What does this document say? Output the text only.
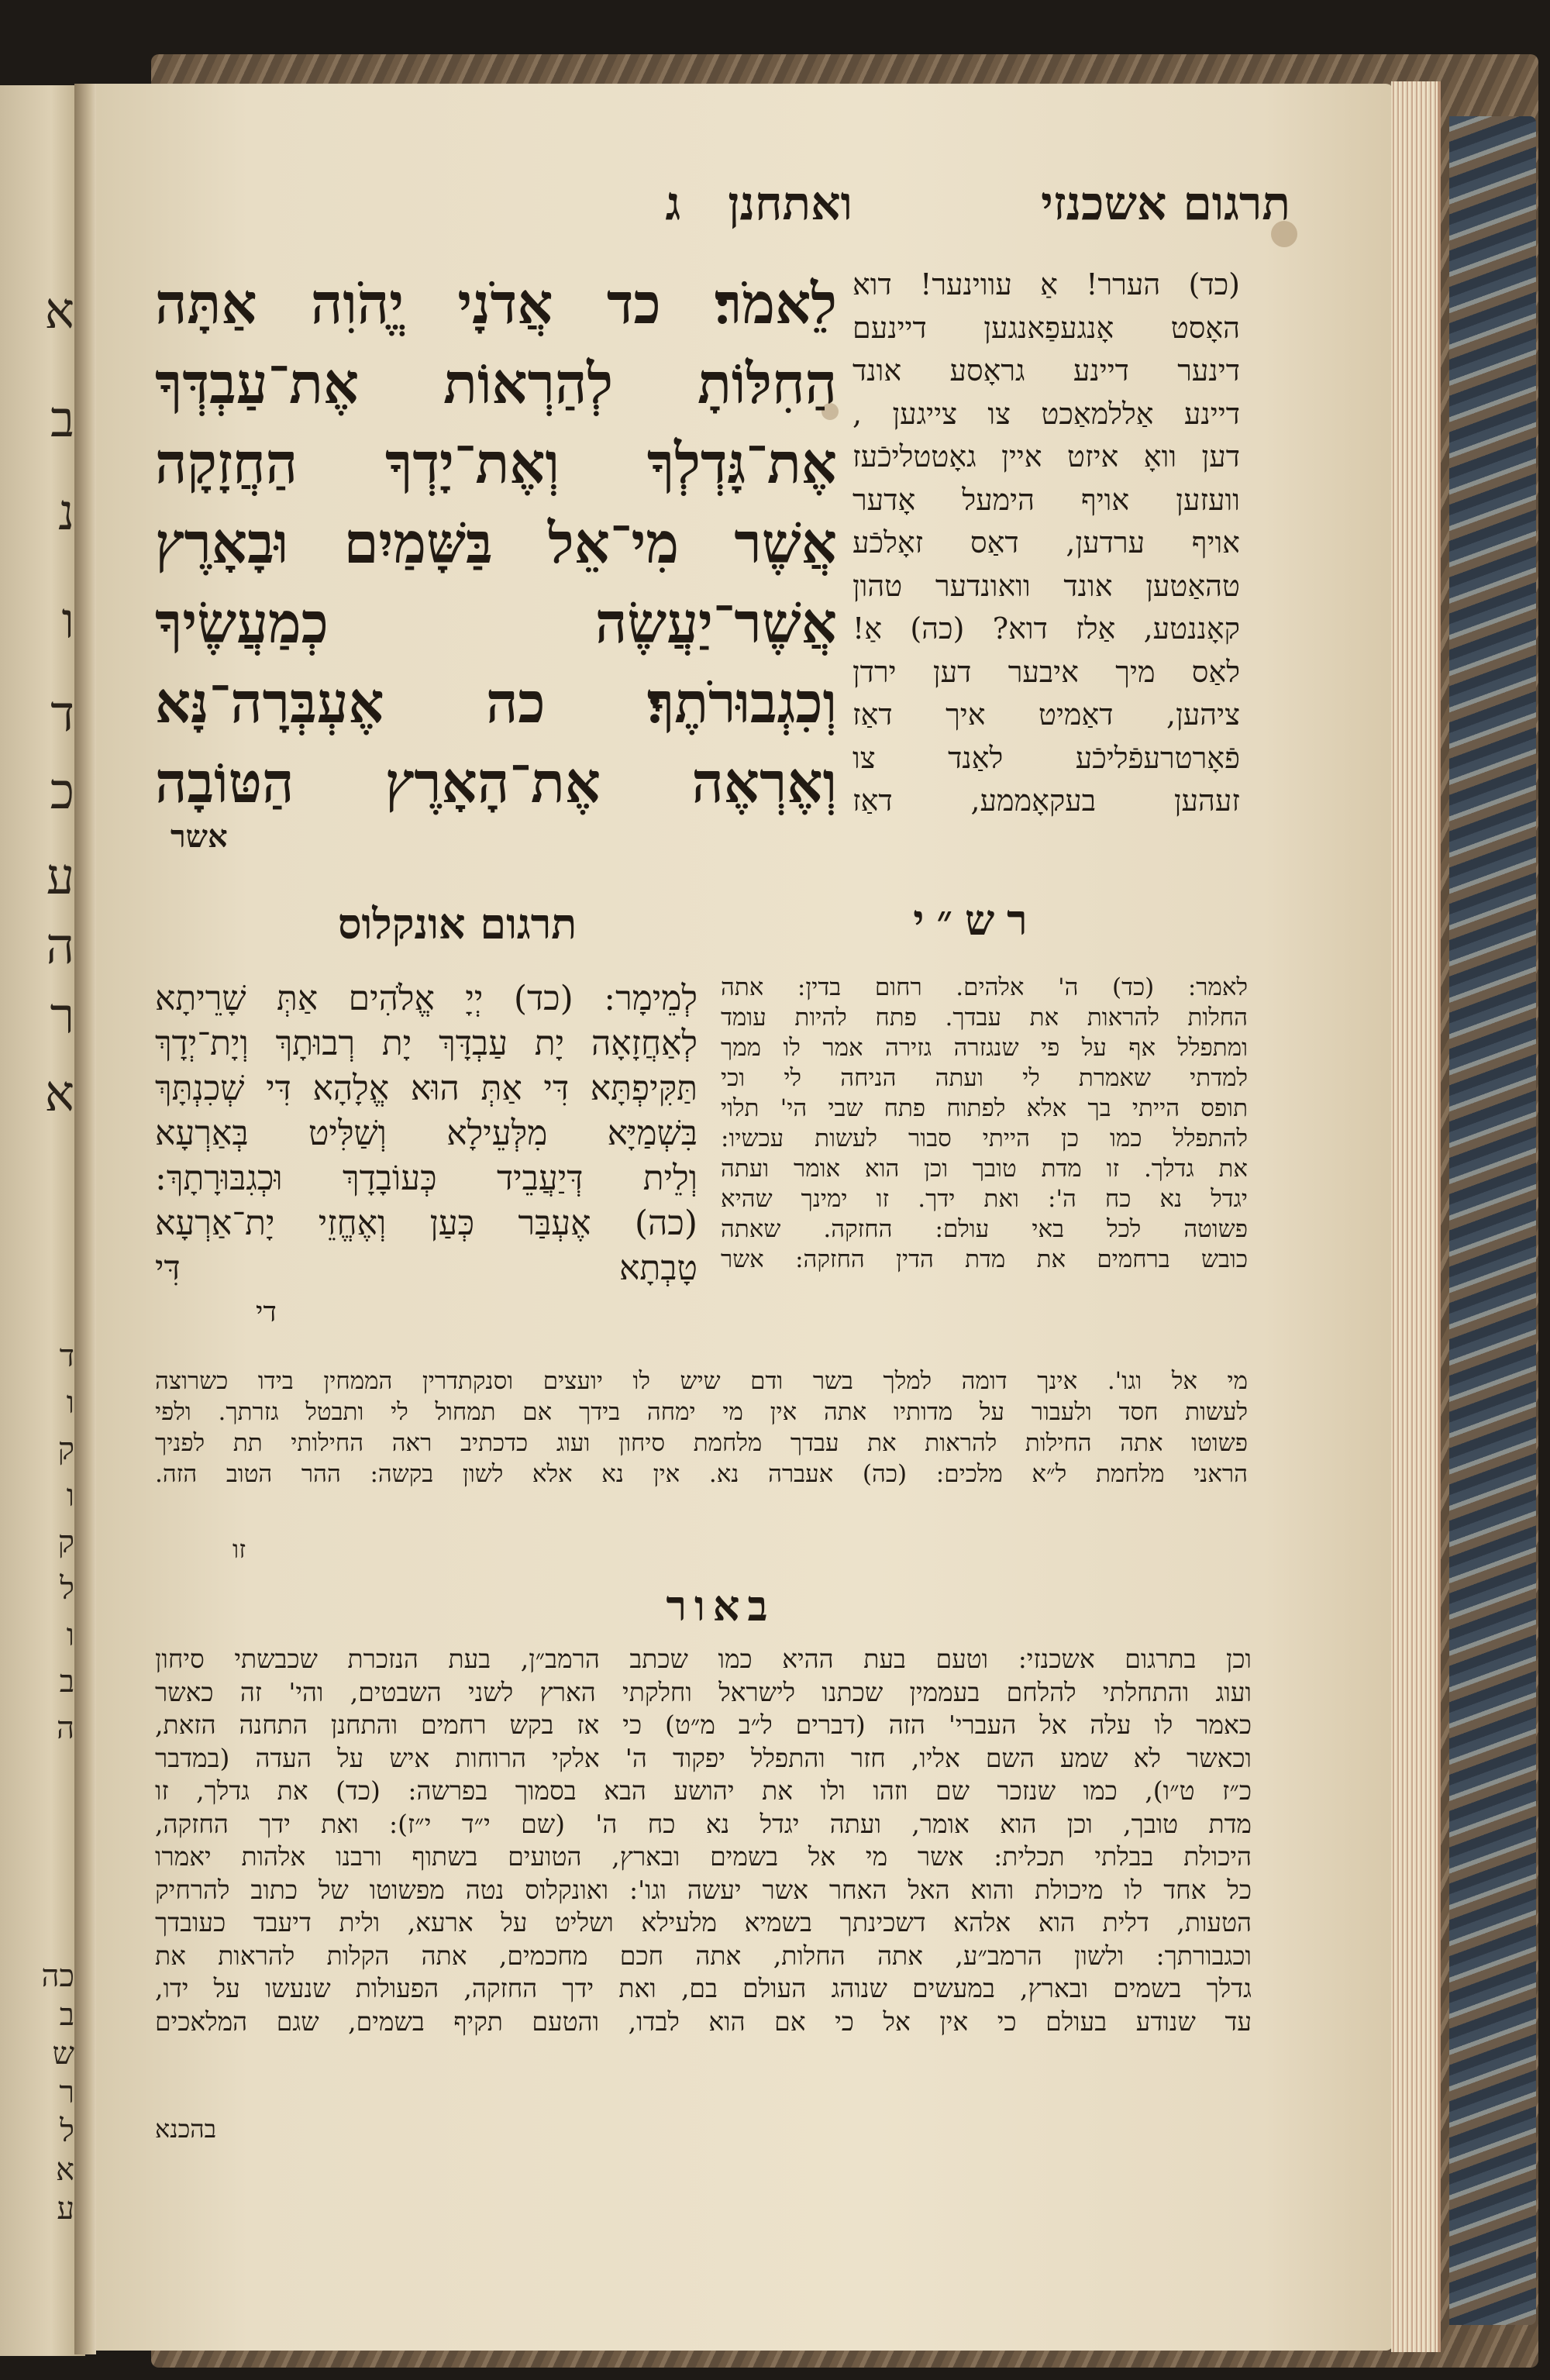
א
ב
נ
ו
ד
כ
ע
ה
ר
א
ד
ו
ק
ו
ק
ל
ו
ב
ה
כה
ב
ש
ר
ל
א
ע
תרגום אשכנזי
ואתחנן ג
לֵאמֹר׃ כד אֲדֹנָי יֱהֹוִה אַתָּה
הַחִלּוֹתָ לְהַרְאוֹת אֶת־עַבְדְּךָ
אֶת־גָּדְלְךָ וְאֶת־יָדְךָ הַחֲזָקָה
אֲשֶׁר מִי־אֵל בַּשָּׁמַיִם וּבָאָרֶץ
אֲשֶׁר־יַעֲשֶׂה כְמַעֲשֶׂיךָ
וְכִגְבוּרֹתֶךָ׃ כה אֶעְבְּרָה־נָּא
וְאֶרְאֶה אֶת־הָאָרֶץ הַטּוֹבָה
אשר
(כד) הערר! אַ עווינער! דוא
האָסט אָנגעפַאנגען דיינעם
דינער דיינע גראָסע אונד
דיינע אַללמאַכט צו צייגען ,
דען וואָ איזט איין גאָטטליכֿעז
וועזען אויף הימעל אָדער
אויף ערדען, דאַס זאָלכֿע
טהאַטען אונד וואונדער טהון
קאָננטע, אַלז דוא? (כה) אַ!
לאַס מיך איבער דען ירדן
ציהען, דאַמיט איך דאַז
פֿאָרטרעפֿליכֿע לאַנד צו
זעהען בעקאָממע, דאַז
רש״י
תרגום אונקלוס
לְמֵימָר: (כד) יְיָ אֱלֹהִים אַתְּ שָׁרֵיתָא
לְאַחֲזָאָה יָת עַבְדָּךְ יָת רְבוּתָךְ וְיָת־יְדָךְ
תַּקִּיפְתָּא דִּי אַתְּ הוּא אֱלָהָא דִּי שְׁכִנְתָּךְ
בִּשְׁמַיָּא מִלְּעֵילָא וְשַׁלִּיט בְּאַרְעָא
וְלֵית דְּיַעֲבֵיד כְּעוֹבָדָךְ וּכְגִבּוּרָתָךְ:
(כה) אֶעְבַּר כְּעַן וְאֶחֱזֵי יָת־אַרְעָא
טָבְתָא דִּי
די
לאמר: (כד) ה' אלהים. רחום בדין: אתה
החלות להראות את עבדך. פתח להיות עומד
ומתפלל אף על פי שנגזרה גזירה אמר לו ממך
למדתי שאמרת לי ועתה הניחה לי וכי
תופס הייתי בך אלא לפתוח פתח שבי הי' תלוי
להתפלל כמו כן הייתי סבור לעשות עכשיו:
את גדלך. זו מדת טובך וכן הוא אומר ועתה
יגדל נא כח ה': ואת ידך. זו ימינך שהיא
פשוטה לכל באי עולם: החזקה. שאתה
כובש ברחמים את מדת הדין החזקה: אשר
מי אל וגו'. אינך דומה למלך בשר ודם שיש לו יועצים וסנקתדרין הממחין בידו כשרוצה
לעשות חסד ולעבור על מדותיו אתה אין מי ימחה בידך אם תמחול לי ותבטל גזרתך. ולפי
פשוטו אתה החילות להראות את עבדך מלחמת סיחון ועוג כדכתיב ראה החילותי תת לפניך
הראני מלחמת ל״א מלכים: (כה) אעברה נא. אין נא אלא לשון בקשה: ההר הטוב הזה.
זו
באור
וכן בתרגום אשכנזי: וטעם בעת ההיא כמו שכתב הרמב״ן, בעת הנזכרת שכבשתי סיחון
ועוג והתחלתי להלחם בעממין שכתנו לישראל וחלקתי הארץ לשני השבטים, והי' זה כאשר
כאמר לו עלה אל העברי' הזה (דברים ל״ב מ״ט) כי אז בקש רחמים והתחנן התחנה הזאת,
וכאשר לא שמע השם אליו, חזר והתפלל יפקוד ה' אלקי הרוחות איש על העדה (במדבר
כ״ז ט״ו), כמו שנזכר שם וזהו ולו את יהושע הבא בסמוך בפרשה: (כד) את גדלך, זו
מדת טובך, וכן הוא אומר, ועתה יגדל נא כח ה' (שם י״ד י״ז): ואת ידך החזקה,
היכולת בבלתי תכלית: אשר מי אל בשמים ובארץ, הטועים בשתוף ורבנו אלהות יאמרו
כל אחד לו מיכולת והוא האל האחר אשר יעשה וגו': ואונקלוס נטה מפשוטו של כתוב להרחיק
הטעות, דלית הוא אלהא דשכינתך בשמיא מלעילא ושליט על ארעא, ולית דיעבד כעובדך
וכגבורתך: ולשון הרמב״ע, אתה החלות, אתה חכם מחכמים, אתה הקלות להראות את
גדלך בשמים ובארץ, במעשים שנוהג העולם בם, ואת ידך החזקה, הפעולות שנעשו על ידו,
עד שנודע בעולם כי אין אל כי אם הוא לבדו, והטעם תקיף בשמים, שגם המלאכים
בהכנא
